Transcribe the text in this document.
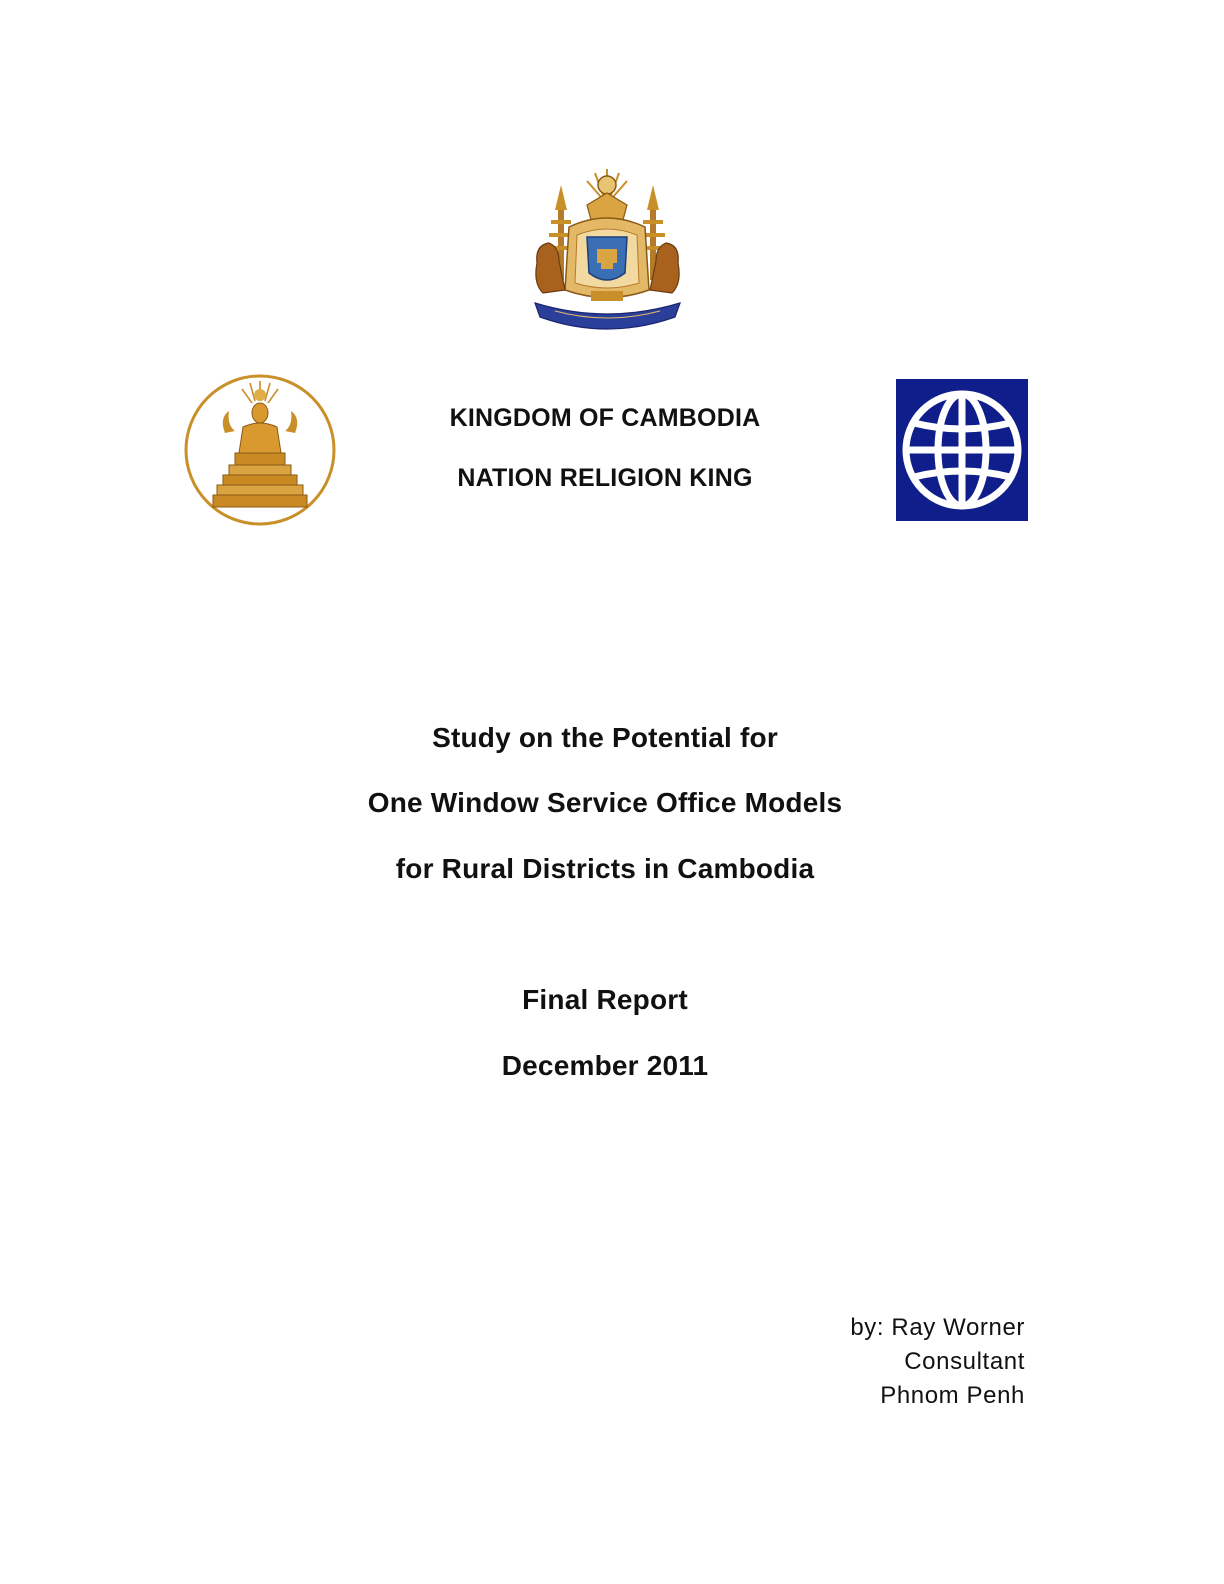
KINGDOM OF CAMBODIA
NATION RELIGION KING
Study on the Potential for
One Window Service Office Models
for Rural Districts in Cambodia
Final Report
December 2011
by: Ray Worner
Consultant
Phnom Penh
